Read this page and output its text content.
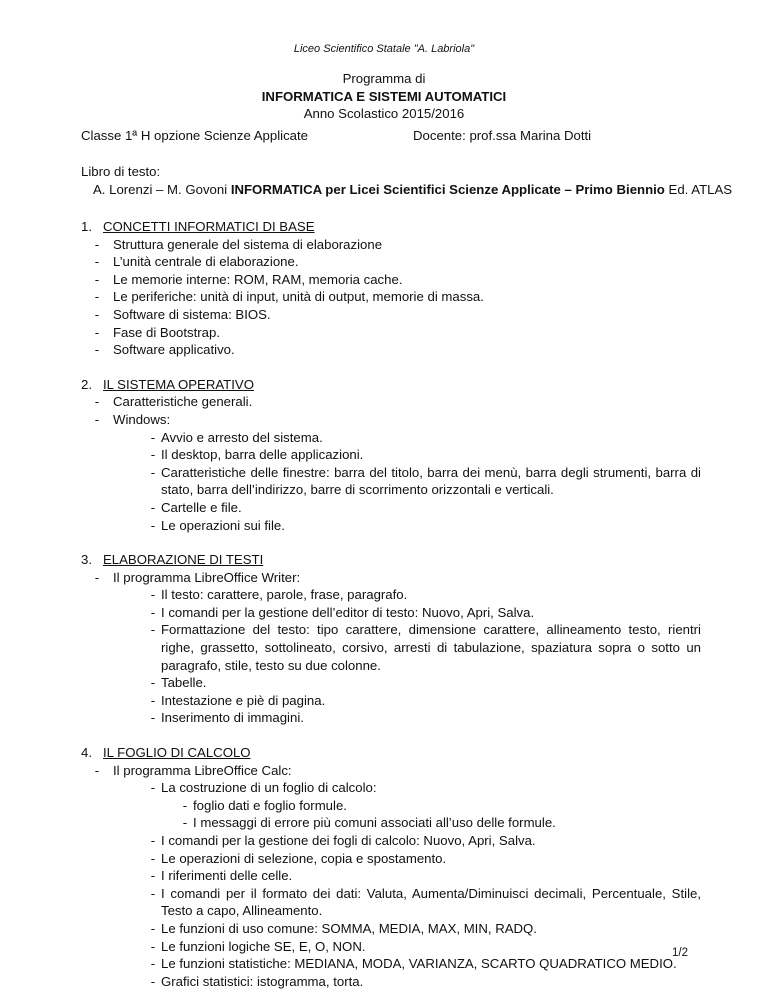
Liceo Scientifico Statale "A. Labriola"
Programma di
INFORMATICA E SISTEMI AUTOMATICI
Anno Scolastico 2015/2016
Classe 1ª H opzione Scienze Applicate	Docente: prof.ssa Marina Dotti
Libro di testo:
A. Lorenzi – M. Govoni INFORMATICA per Licei Scientifici Scienze Applicate – Primo Biennio Ed. ATLAS
1. CONCETTI INFORMATICI DI BASE
-	Struttura generale del sistema di elaborazione
-	L’unità centrale di elaborazione.
-	Le memorie interne: ROM, RAM, memoria cache.
-	Le periferiche: unità di input, unità di output, memorie di massa.
-	Software di sistema: BIOS.
-	Fase di Bootstrap.
-	Software applicativo.
2. IL SISTEMA OPERATIVO
-	Caratteristiche generali.
-	Windows:
- Avvio e arresto del sistema.
- Il desktop, barra delle applicazioni.
- Caratteristiche delle finestre: barra del titolo, barra dei menù, barra degli strumenti, barra di stato, barra dell’indirizzo, barre di scorrimento orizzontali e verticali.
- Cartelle e file.
- Le operazioni sui file.
3. ELABORAZIONE DI TESTI
-	Il programma LibreOffice Writer:
- Il testo: carattere, parole, frase, paragrafo.
- I comandi per la gestione dell’editor di testo: Nuovo, Apri, Salva.
- Formattazione del testo: tipo carattere, dimensione carattere, allineamento testo, rientri righe, grassetto, sottolineato, corsivo, arresti di tabulazione, spaziatura sopra o sotto un paragrafo, stile, testo su due colonne.
- Tabelle.
- Intestazione e piè di pagina.
- Inserimento di immagini.
4. IL FOGLIO DI CALCOLO
-	Il programma LibreOffice Calc:
- La costruzione di un foglio di calcolo:
- foglio dati e foglio formule.
- I messaggi di errore più comuni associati all’uso delle formule.
- I comandi per la gestione dei fogli di calcolo: Nuovo, Apri, Salva.
- Le operazioni di selezione, copia e spostamento.
- I riferimenti delle celle.
- I comandi per il formato dei dati: Valuta, Aumenta/Diminuisci decimali, Percentuale, Stile, Testo a capo, Allineamento.
- Le funzioni di uso comune: SOMMA, MEDIA, MAX, MIN, RADQ.
- Le funzioni logiche SE, E, O, NON.
- Le funzioni statistiche: MEDIANA, MODA, VARIANZA, SCARTO QUADRATICO MEDIO.
- Grafici statistici: istogramma, torta.
1/2
